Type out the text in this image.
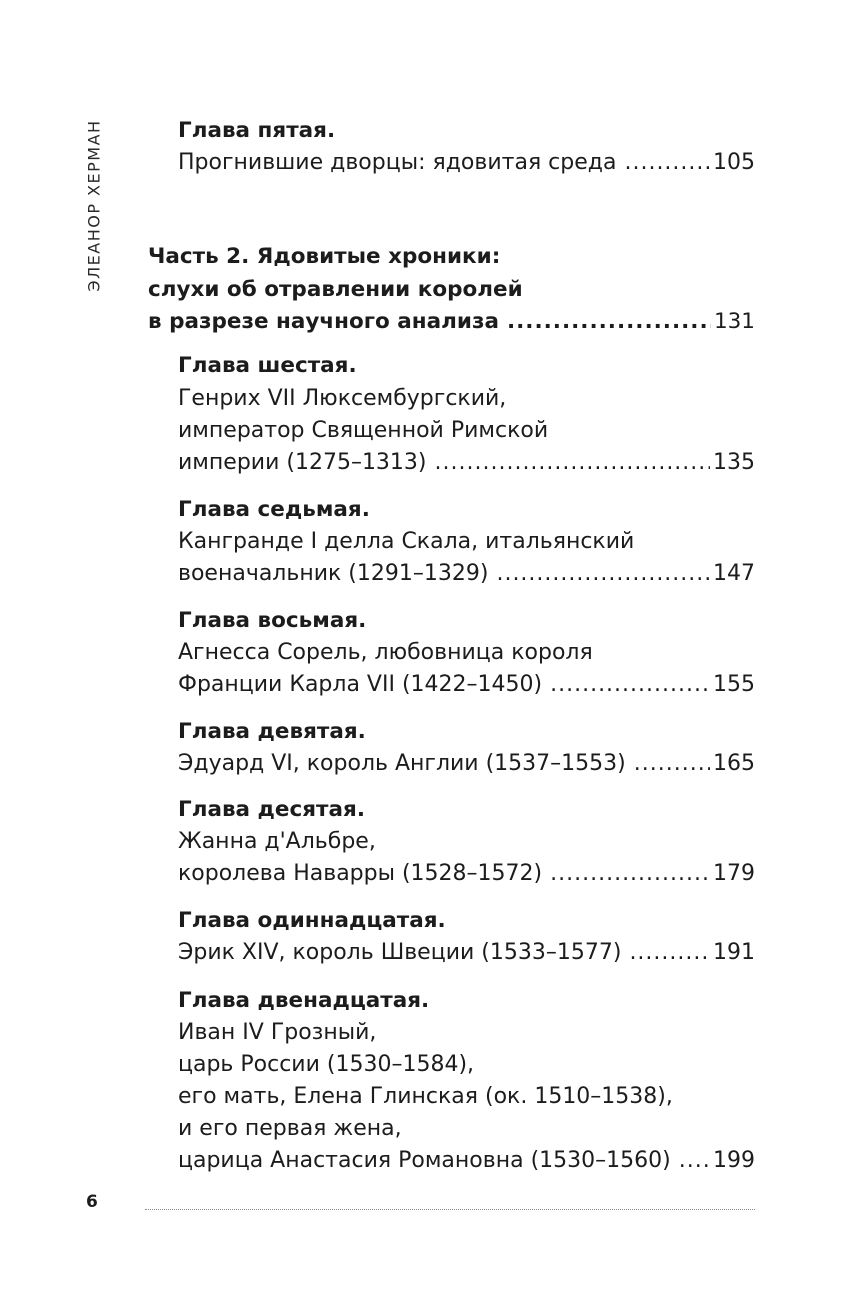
ЭЛЕАНОР ХЕРМАН	Глава пятая.
Прогнившие дворцы: ядовитая среда .....	105
Часть 2. Ядовитые хроники:
слухи об отравлении королей
в разрезе научного анализа .....	131
Глава шестая.
Генрих VII Люксембургский,
император Священной Римской
империи (1275–1313) .....	135
Глава седьмая.
Кангранде I делла Скала, итальянский
военачальник (1291–1329) .....	147
Глава восьмая.
Агнесса Сорель, любовница короля
Франции Карла VII (1422–1450) .....	155
Глава девятая.
Эдуард VI, король Англии (1537–1553) .....	165
Глава десятая.
Жанна д'Альбре,
королева Наварры (1528–1572) .....	179
Глава одиннадцатая.
Эрик XIV, король Швеции (1533–1577) .....	191
Глава двенадцатая.
Иван IV Грозный,
царь России (1530–1584),
его мать, Елена Глинская (ок. 1510–1538),
и его первая жена,
царица Анастасия Романовна (1530–1560) ..... 199
6
